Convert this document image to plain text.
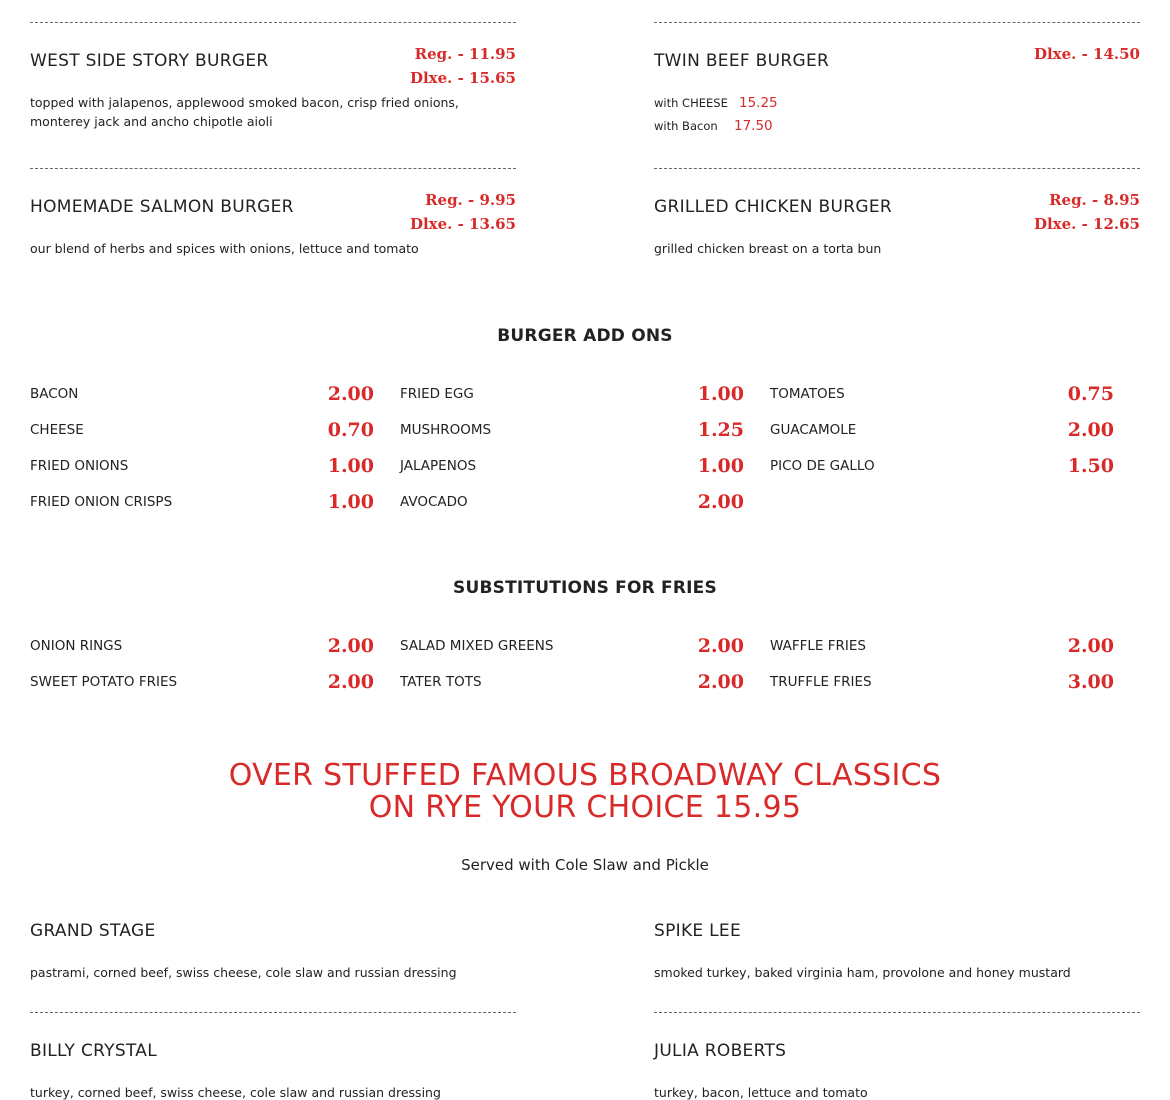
WEST SIDE STORY BURGER	Reg. - 11.95
Dlxe. - 15.65
topped with jalapenos, applewood smoked bacon, crisp fried onions, monterey jack and ancho chipotle aioli
TWIN BEEF BURGER	Dlxe. - 14.50
with CHEESE 15.25
with Bacon 17.50
HOMEMADE SALMON BURGER	Reg. - 9.95
Dlxe. - 13.65
our blend of herbs and spices with onions, lettuce and tomato
GRILLED CHICKEN BURGER	Reg. - 8.95
Dlxe. - 12.65
grilled chicken breast on a torta bun
BURGER ADD ONS
BACON	2.00
CHEESE	0.70
FRIED ONIONS	1.00
FRIED ONION CRISPS	1.00
FRIED EGG	1.00
MUSHROOMS	1.25
JALAPENOS	1.00
AVOCADO	2.00
TOMATOES	0.75
GUACAMOLE	2.00
PICO DE GALLO	1.50
SUBSTITUTIONS FOR FRIES
ONION RINGS	2.00
SWEET POTATO FRIES	2.00
SALAD MIXED GREENS	2.00
TATER TOTS	2.00
WAFFLE FRIES	2.00
TRUFFLE FRIES	3.00
OVER STUFFED FAMOUS BROADWAY CLASSICS
ON RYE YOUR CHOICE 15.95
Served with Cole Slaw and Pickle
GRAND STAGE
pastrami, corned beef, swiss cheese, cole slaw and russian dressing
SPIKE LEE
smoked turkey, baked virginia ham, provolone and honey mustard
BILLY CRYSTAL
turkey, corned beef, swiss cheese, cole slaw and russian dressing
JULIA ROBERTS
turkey, bacon, lettuce and tomato
